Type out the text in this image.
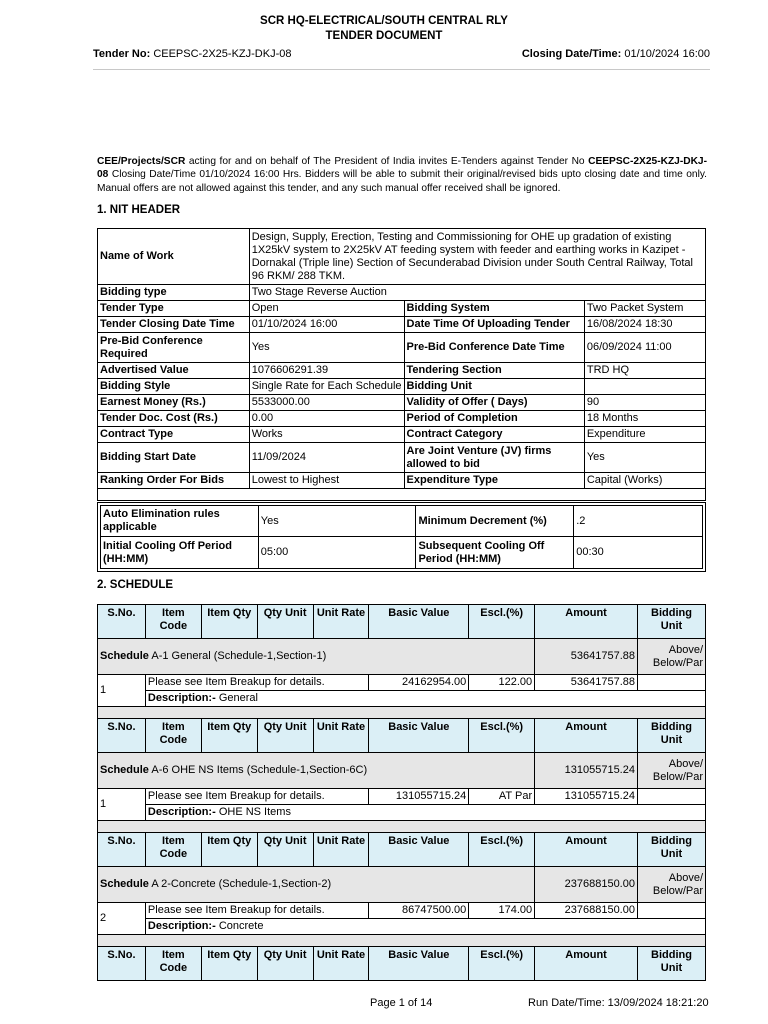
SCR HQ-ELECTRICAL/SOUTH CENTRAL RLY
TENDER DOCUMENT
Tender No: CEEPSC-2X25-KZJ-DKJ-08	Closing Date/Time: 01/10/2024 16:00
CEE/Projects/SCR acting for and on behalf of The President of India invites E-Tenders against Tender No CEEPSC-2X25-KZJ-DKJ-08 Closing Date/Time 01/10/2024 16:00 Hrs. Bidders will be able to submit their original/revised bids upto closing date and time only. Manual offers are not allowed against this tender, and any such manual offer received shall be ignored.
1. NIT HEADER
Name of Work	Design, Supply, Erection, Testing and Commissioning for OHE up gradation of existing 1X25kV system to 2X25kV AT feeding system with feeder and earthing works in Kazipet - Dornakal (Triple line) Section of Secunderabad Division under South Central Railway, Total 96 RKM/ 288 TKM.		
Bidding type	Two Stage Reverse Auction		
Tender Type	Open	Bidding System	Two Packet System
Tender Closing Date Time	01/10/2024 16:00	Date Time Of Uploading Tender	16/08/2024 18:30
Pre-Bid Conference Required	Yes	Pre-Bid Conference Date Time	06/09/2024 11:00
Advertised Value	1076606291.39	Tendering Section	TRD HQ
Bidding Style	Single Rate for Each Schedule	Bidding Unit	
Earnest Money (Rs.)	5533000.00	Validity of Offer ( Days)	90
Tender Doc. Cost (Rs.)	0.00	Period of Completion	18 Months
Contract Type	Works	Contract Category	Expenditure
Bidding Start Date	11/09/2024	Are Joint Venture (JV) firms allowed to bid	Yes
Ranking Order For Bids	Lowest to Highest	Expenditure Type	Capital (Works)

Auto Elimination rules applicable	Yes	Minimum Decrement (%)	.2
Initial Cooling Off Period (HH:MM)	05:00	Subsequent Cooling Off Period (HH:MM)	00:30
2. SCHEDULE
S.No.	Item Code	Item Qty	Qty Unit	Unit Rate	Basic Value	Escl.(%)	Amount	Bidding Unit
Schedule A-1 General (Schedule-1,Section-1)							53641757.88	Above/ Below/Par
1	Please see Item Breakup for details.				24162954.00	122.00	53641757.88	
	Description:- General							

S.No.	Item Code	Item Qty	Qty Unit	Unit Rate	Basic Value	Escl.(%)	Amount	Bidding Unit
Schedule A-6 OHE NS Items (Schedule-1,Section-6C)							131055715.24	Above/ Below/Par
1	Please see Item Breakup for details.				131055715.24	AT Par	131055715.24	
	Description:- OHE NS Items							

S.No.	Item Code	Item Qty	Qty Unit	Unit Rate	Basic Value	Escl.(%)	Amount	Bidding Unit
Schedule A 2-Concrete (Schedule-1,Section-2)							237688150.00	Above/ Below/Par
2	Please see Item Breakup for details.				86747500.00	174.00	237688150.00	
	Description:- Concrete							

S.No.	Item Code	Item Qty	Qty Unit	Unit Rate	Basic Value	Escl.(%)	Amount	Bidding Unit
Page 1 of 14	Run Date/Time: 13/09/2024 18:21:20
